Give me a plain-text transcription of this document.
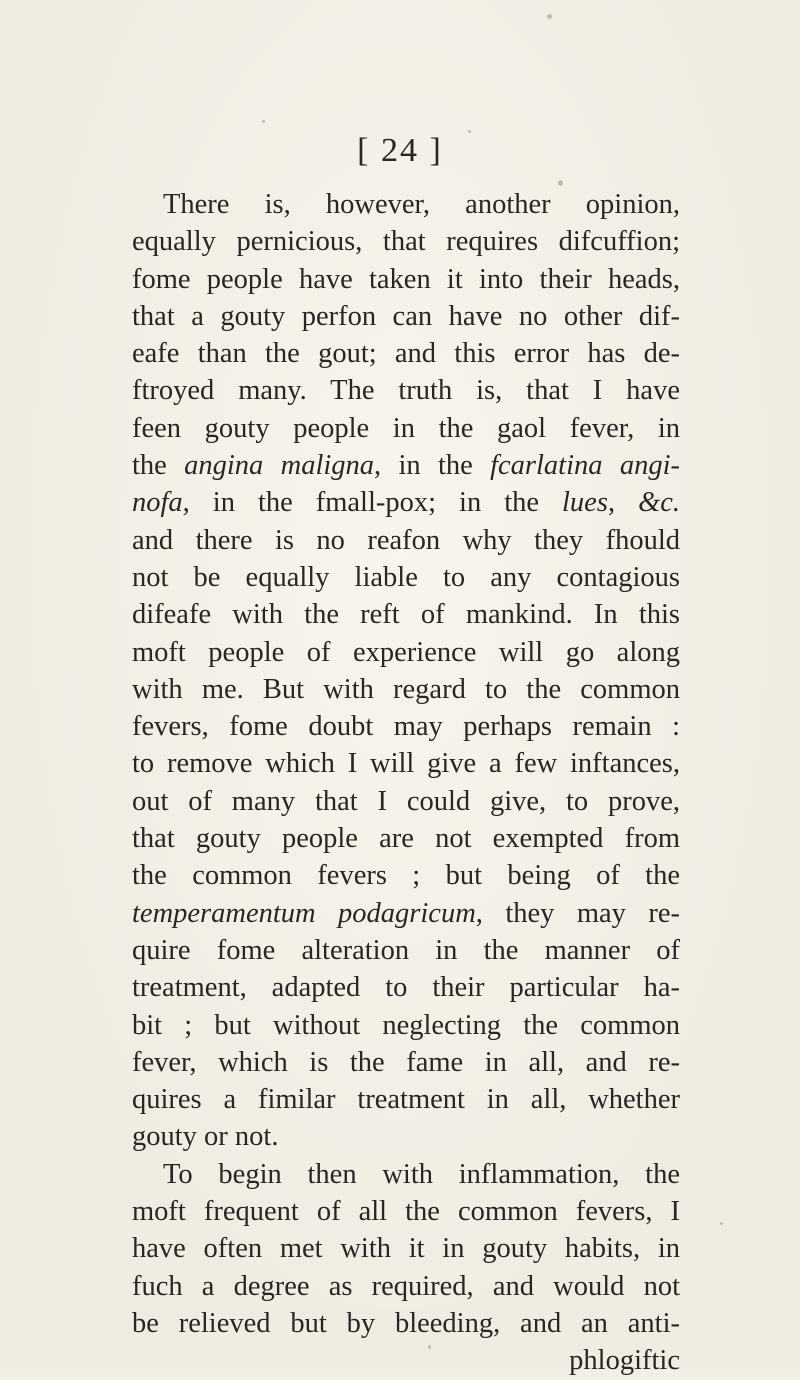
[ 24 ]
There is, however, another opinion,
equally pernicious, that requires difcuffion;
fome people have taken it into their heads,
that a gouty perfon can have no other dif-
eafe than the gout; and this error has de-
ftroyed many. The truth is, that I have
feen gouty people in the gaol fever, in
the angina maligna, in the fcarlatina angi-
nofa, in the fmall-pox; in the lues, &c.
and there is no reafon why they fhould
not be equally liable to any contagious
difeafe with the reft of mankind. In this
moft people of experience will go along
with me. But with regard to the common
fevers, fome doubt may perhaps remain :
to remove which I will give a few inftances,
out of many that I could give, to prove,
that gouty people are not exempted from
the common fevers ; but being of the
temperamentum podagricum, they may re-
quire fome alteration in the manner of
treatment, adapted to their particular ha-
bit ; but without neglecting the common
fever, which is the fame in all, and re-
quires a fimilar treatment in all, whether
gouty or not.
To begin then with inflammation, the
moft frequent of all the common fevers, I
have often met with it in gouty habits, in
fuch a degree as required, and would not
be relieved but by bleeding, and an anti-
phlogiftic
